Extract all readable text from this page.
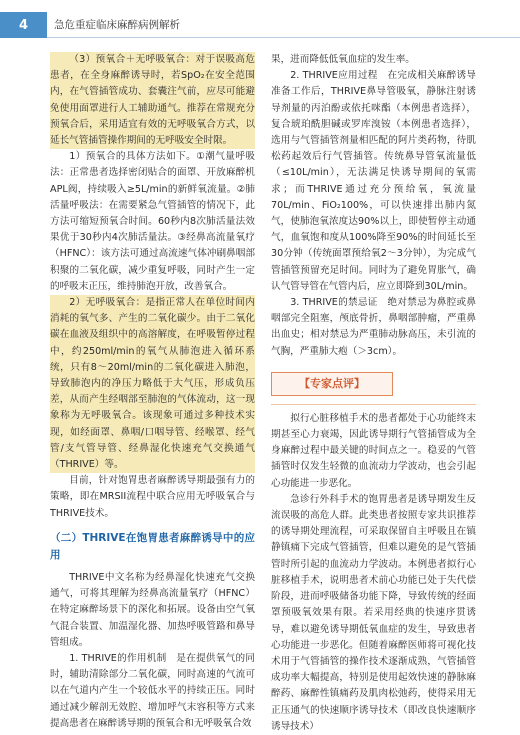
4	急危重症临床麻醉病例解析

（3）预氧合＋无呼吸氧合：对于误吸高危患者，在全身麻醉诱导时，若SpO₂在安全范围内，在气管插管成功、套囊注气前，应尽可能避免使用面罩进行人工辅助通气。推荐在常规充分预氧合后，采用适宜有效的无呼吸氧合方式，以延长气管插管操作期间的无呼吸安全时限。

1）预氧合的具体方法如下。①潮气量呼吸法：正常患者选择密闭贴合的面罩、开放麻醉机APL阀，持续吸入≥5L/min的新鲜氧流量。②肺活量呼吸法：在需要紧急气管插管的情况下，此方法可缩短预氧合时间。60秒内8次肺活量法效果优于30秒内4次肺活量法。③经鼻高流量氧疗（HFNC）：该方法可通过高流速气体冲刷鼻咽部积聚的二氧化碳，减少重复呼吸，同时产生一定的呼吸末正压，维持肺泡开放，改善氧合。

2）无呼吸氧合：是指正常人在单位时间内消耗的氧气多、产生的二氧化碳少。由于二氧化碳在血液及组织中的高溶解度，在呼吸暂停过程中，约250ml/min的氧气从肺泡进入循环系统，只有8～20ml/min的二氧化碳进入肺泡，导致肺泡内的净压力略低于大气压，形成负压差，从而产生经咽部至肺泡的气体流动，这一现象称为无呼吸氧合。该现象可通过多种技术实现，如经面罩、鼻咽/口咽导管、经喉罩、经气管/支气管导管、经鼻湿化快速充气交换通气（THRIVE）等。

目前，针对饱胃患者麻醉诱导期最强有力的策略，即在MRSII流程中联合应用无呼吸氧合与THRIVE技术。

（二）THRIVE在饱胃患者麻醉诱导中的应用

THRIVE中文名称为经鼻湿化快速充气交换通气，可将其理解为经鼻高流量氧疗（HFNC）在特定麻醉场景下的深化和拓展。设备由空气氧气混合装置、加温湿化器、加热呼吸管路和鼻导管组成。

1. THRIVE的作用机制　是在提供氧气的同时，辅助清除部分二氧化碳，同时高速的气流可以在气道内产生一个较低水平的持续正压。同时通过减少解剖无效腔、增加呼气末容积等方式来提高患者在麻醉诱导期的预氧合和无呼吸氧合效

果，进而降低低氧血症的发生率。

2. THRIVE应用过程　在完成相关麻醉诱导准备工作后，THRIVE鼻导管吸氧，静脉注射诱导剂量的丙泊酚或依托咪酯（本例患者选择），复合琥珀酰胆碱或罗库溴铵（本例患者选择），选用与气管插管剂量相匹配的阿片类药物，待肌松药起效后行气管插管。传统鼻导管氧流量低（≤10L/min），无法满足快诱导期间的氧需求；而THRIVE通过充分预给氧，氧流量70L/min、FiO₂100%，可以快速排出肺内氮气，使肺泡氧浓度达90%以上，即使暂停主动通气，血氧饱和度从100%降至90%的时间延长至30分钟（传统面罩预给氧2～3分钟），为完成气管插管预留充足时间。同时为了避免胃胀气，确认气管导管在气管内后，应立即降到30L/min。

3. THRIVE的禁忌证　绝对禁忌为鼻腔或鼻咽部完全阻塞，颅底骨折，鼻咽部肿瘤，严重鼻出血史；相对禁忌为严重肺动脉高压，未引流的气胸，严重肺大疱（＞3cm）。

【专家点评】

拟行心脏移植手术的患者都处于心功能终末期甚至心力衰竭，因此诱导期行气管插管成为全身麻醉过程中最关键的时间点之一。稳妥的气管插管时仅发生轻微的血流动力学波动，也会引起心功能进一步恶化。

急诊行外科手术的饱胃患者是诱导期发生反流误吸的高危人群。此类患者按照专家共识推荐的诱导期处理流程，可采取保留自主呼吸且在镇静镇痛下完成气管插管，但难以避免的是气管插管时所引起的血流动力学波动。本例患者拟行心脏移植手术，说明患者术前心功能已处于失代偿阶段，进而呼吸储备功能下降，导致传统的经面罩预吸氧效果有限。若采用经典的快速序贯诱导，难以避免诱导期低氧血症的发生，导致患者心功能进一步恶化。但随着麻醉医师将可视化技术用于气管插管的操作技术逐渐成熟，气管插管成功率大幅提高，特别是使用起效快速的静脉麻醉药、麻醉性镇痛药及肌肉松弛药，使得采用无正压通气的快速顺序诱导技术（即改良快速顺序诱导技术）
